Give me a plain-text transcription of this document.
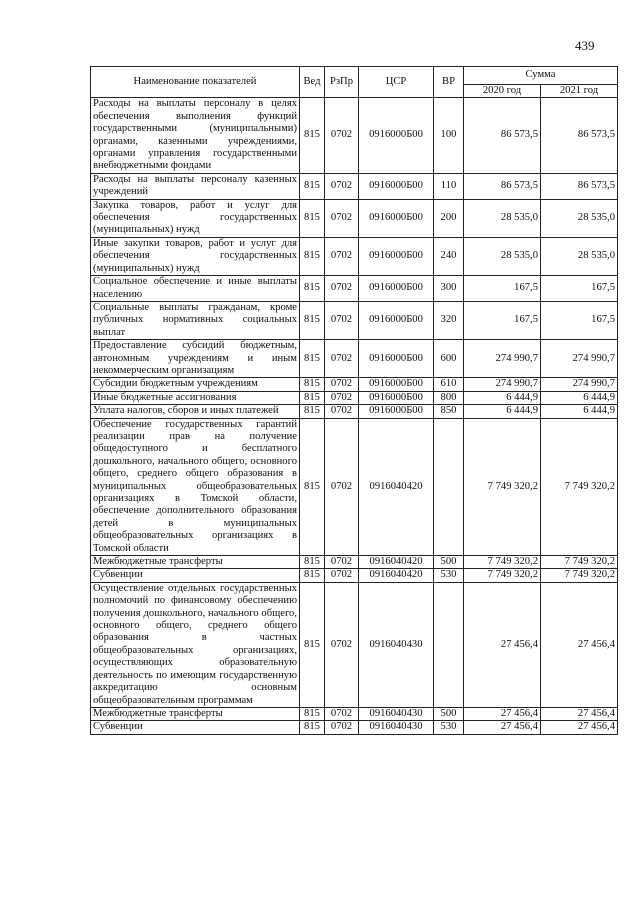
439
Наименование показателей	Вед	РзПр	ЦСР	ВР	Сумма	
					2020 год	2021 год
Расходы на выплаты персоналу в целях обеспечения выполнения функций государственными (муниципальными) органами, казенными учреждениями, органами управления государственными внебюджетными фондами	815	0702	0916000Б00	100	86 573,5	86 573,5
Расходы на выплаты персоналу казенных учреждений	815	0702	0916000Б00	110	86 573,5	86 573,5
Закупка товаров, работ и услуг для обеспечения государственных (муниципальных) нужд	815	0702	0916000Б00	200	28 535,0	28 535,0
Иные закупки товаров, работ и услуг для обеспечения государственных (муниципальных) нужд	815	0702	0916000Б00	240	28 535,0	28 535,0
Социальное обеспечение и иные выплаты населению	815	0702	0916000Б00	300	167,5	167,5
Социальные выплаты гражданам, кроме публичных нормативных социальных выплат	815	0702	0916000Б00	320	167,5	167,5
Предоставление субсидий бюджетным, автономным учреждениям и иным некоммерческим организациям	815	0702	0916000Б00	600	274 990,7	274 990,7
Субсидии бюджетным учреждениям	815	0702	0916000Б00	610	274 990,7	274 990,7
Иные бюджетные ассигнования	815	0702	0916000Б00	800	6 444,9	6 444,9
Уплата налогов, сборов и иных платежей	815	0702	0916000Б00	850	6 444,9	6 444,9
Обеспечение государственных гарантий реализации прав на получение общедоступного и бесплатного дошкольного, начального общего, основного общего, среднего общего образования в муниципальных общеобразовательных организациях в Томской области, обеспечение дополнительного образования детей в муниципальных общеобразовательных организациях в Томской области	815	0702	0916040420		7 749 320,2	7 749 320,2
Межбюджетные трансферты	815	0702	0916040420	500	7 749 320,2	7 749 320,2
Субвенции	815	0702	0916040420	530	7 749 320,2	7 749 320,2
Осуществление отдельных государственных полномочий по финансовому обеспечению получения дошкольного, начального общего, основного общего, среднего общего образования в частных общеобразовательных организациях, осуществляющих образовательную деятельность по имеющим государственную аккредитацию основным общеобразовательным программам	815	0702	0916040430		27 456,4	27 456,4
Межбюджетные трансферты	815	0702	0916040430	500	27 456,4	27 456,4
Субвенции	815	0702	0916040430	530	27 456,4	27 456,4
